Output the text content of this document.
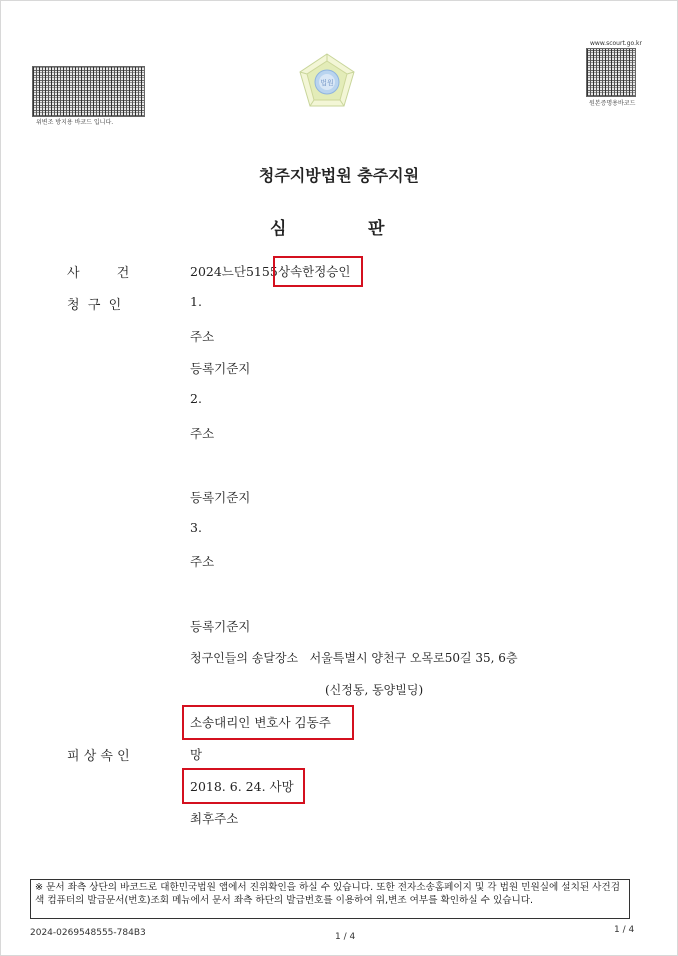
위변조 방지용 바코드 입니다.
법원
www.scourt.go.kr
원본증명용바코드
청주지방법원 충주지원
심	판
사         건	2024느단5155 상속한정승인
청  구  인	1.
주소
등록기준지
2.
주소
등록기준지
3.
주소
등록기준지
청구인들의 송달장소   서울특별시 양천구 오목로50길 35, 6층
(신정동, 동양빌딩)
소송대리인 변호사 김동주
피 상 속 인	망
2018. 6. 24. 사망
최후주소
※ 문서 좌측 상단의 바코드로 대한민국법원 앱에서 진위확인을 하실 수 있습니다. 또한 전자소송홈페이지 및 각 법원 민원실에 설치된 사건검색 컴퓨터의 발급문서(번호)조회 메뉴에서 문서 좌측 하단의 발급번호를 이용하여 위,변조 여부를 확인하실 수 있습니다.
2024-0269548555-784B3	1 / 4
1 / 4
